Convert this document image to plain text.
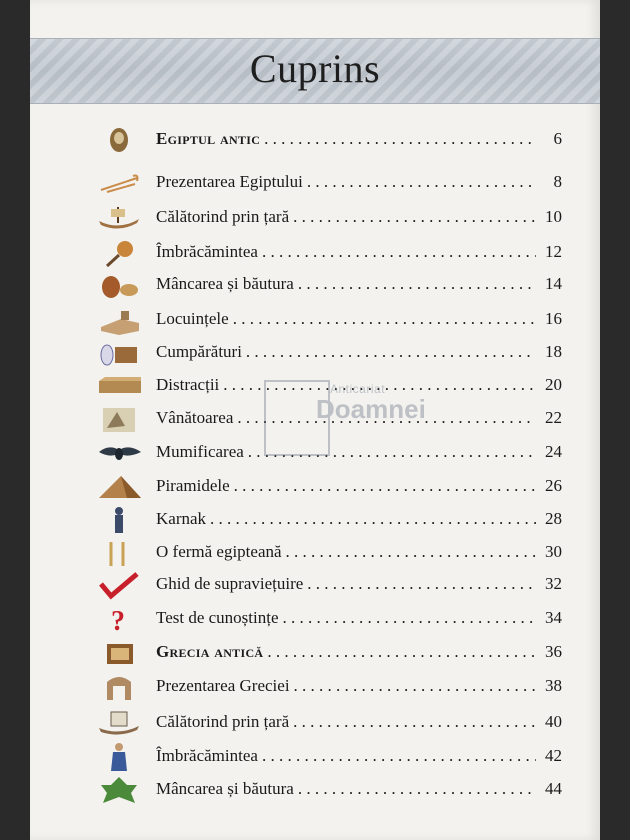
Cuprins
Egiptul antic . . .	6
Prezentarea Egiptului . . .	8
Călătorind prin țară . . .	10
Îmbrăcămintea . . .	12
Mâncarea și băutura . . .	14
Locuințele . . .	16
Cumpărături . . .	18
Distracții . . .	20
Vânătoarea . . .	22
Mumificarea . . .	24
Piramidele . . .	26
Karnak . . .	28
O fermă egipteană . . .	30
Ghid de supraviețuire . . .	32
? Test de cunoștințe . . .	34
Grecia antică . . .	36
Prezentarea Greciei . . .	38
Călătorind prin țară . . .	40
Îmbrăcămintea . . .	42
Mâncarea și băutura . . .	44
Anticariat
Doamnei
